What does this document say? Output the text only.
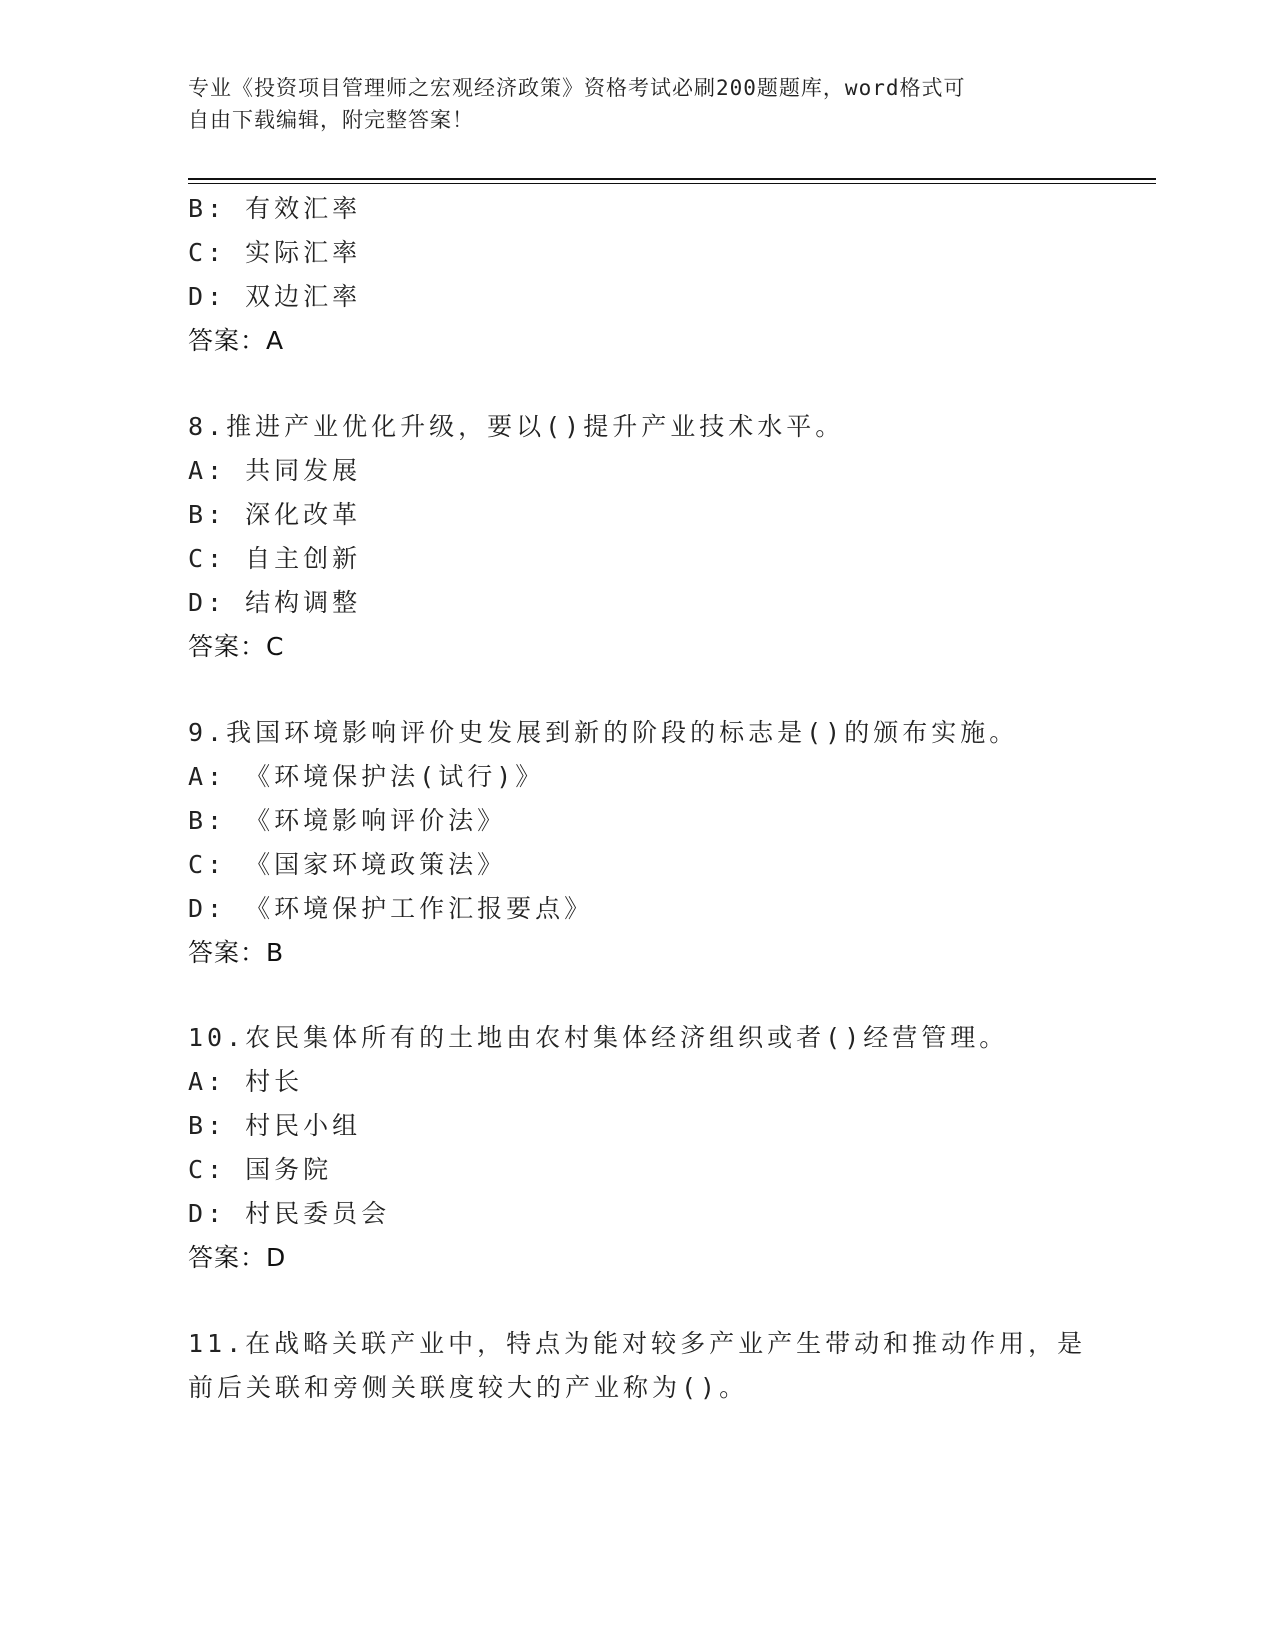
专业《投资项目管理师之宏观经济政策》资格考试必刷200题题库，word格式可
自由下载编辑，附完整答案！
B: 有效汇率
C: 实际汇率
D: 双边汇率
答案：A
8.推进产业优化升级，要以()提升产业技术水平。
A: 共同发展
B: 深化改革
C: 自主创新
D: 结构调整
答案：C
9.我国环境影响评价史发展到新的阶段的标志是()的颁布实施。
A: 《环境保护法(试行)》
B: 《环境影响评价法》
C: 《国家环境政策法》
D: 《环境保护工作汇报要点》
答案：B
10.农民集体所有的土地由农村集体经济组织或者()经营管理。
A: 村长
B: 村民小组
C: 国务院
D: 村民委员会
答案：D
11.在战略关联产业中，特点为能对较多产业产生带动和推动作用，是
前后关联和旁侧关联度较大的产业称为()。
